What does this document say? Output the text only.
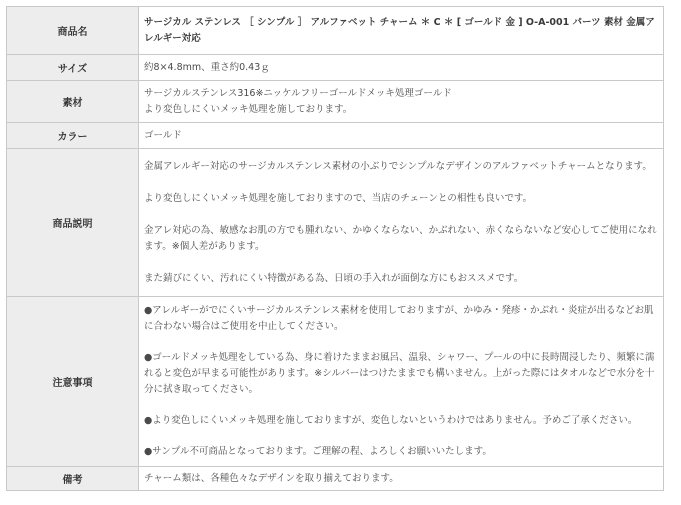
商品名	サージカル ステンレス ［ シンプル ］ アルファベット チャーム ＊ C ＊ [ ゴールド 金 ] O-A-001 パーツ 素材 金属アレルギー対応
サイズ	約8×4.8mm、重さ約0.43ｇ
素材	サージカルステンレス316※ニッケルフリーゴールドメッキ処理ゴールド

より変色しにくいメッキ処理を施しております。

カラー	ゴールド
商品説明	金属アレルギー対応のサージカルステンレス素材の小ぶりでシンプルなデザインのアルファベットチャームとなります。

より変色しにくいメッキ処理を施しておりますので、当店のチェーンとの相性も良いです。

金アレ対応の為、敏感なお肌の方でも腫れない、かゆくならない、かぶれない、赤くならないなど安心してご使用になれます。※個人差があります。

また錆びにくい、汚れにくい特徴がある為、日頃の手入れが面倒な方にもおススメです。

注意事項	●アレルギーがでにくいサージカルステンレス素材を使用しておりますが、かゆみ・発疹・かぶれ・炎症が出るなどお肌に合わない場合はご使用を中止してください。

●ゴールドメッキ処理をしている為、身に着けたままお風呂、温泉、シャワー、プールの中に長時間浸したり、頻繁に濡れると変色が早まる可能性があります。※シルバーはつけたままでも構いません。上がった際にはタオルなどで水分を十分に拭き取ってください。

●より変色しにくいメッキ処理を施しておりますが、変色しないというわけではありません。予めご了承ください。

●サンプル不可商品となっております。ご理解の程、よろしくお願いいたします。

備考	チャーム類は、各種色々なデザインを取り揃えております。
